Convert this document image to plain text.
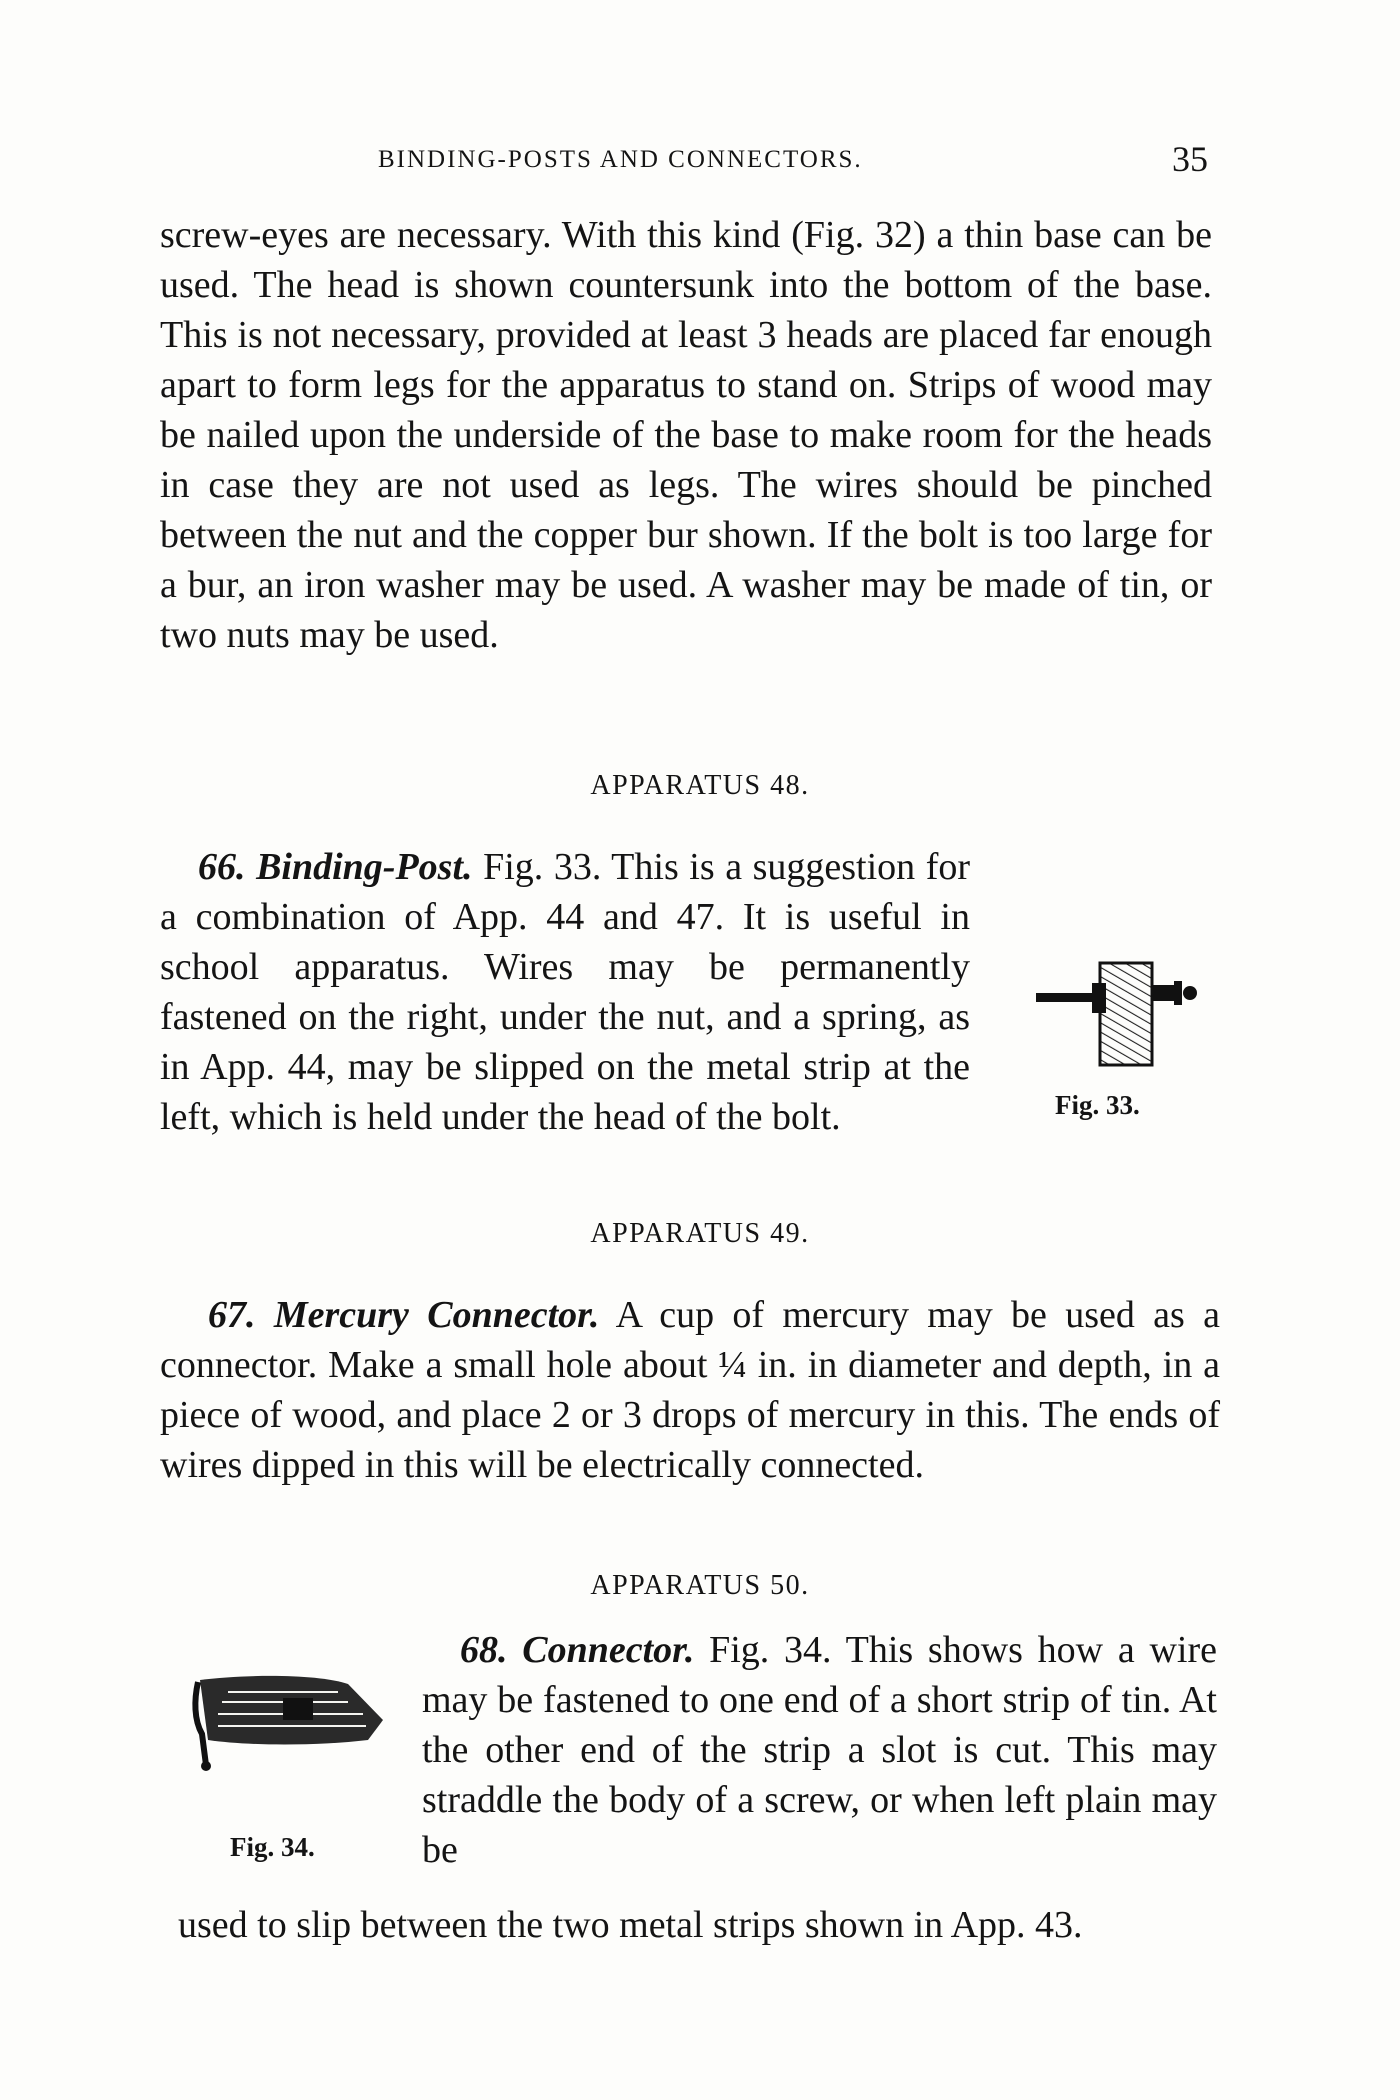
BINDING-POSTS AND CONNECTORS.	35

screw-eyes are necessary. With this kind (Fig. 32) a thin base can be used. The head is shown countersunk into the bottom of the base. This is not necessary, provided at least 3 heads are placed far enough apart to form legs for the apparatus to stand on. Strips of wood may be nailed upon the underside of the base to make room for the heads in case they are not used as legs. The wires should be pinched between the nut and the copper bur shown. If the bolt is too large for a bur, an iron washer may be used. A washer may be made of tin, or two nuts may be used.

APPARATUS 48.

66. Binding-Post. Fig. 33. This is a suggestion for a combination of App. 44 and 47. It is useful in school apparatus. Wires may be permanently fastened on the right, under the nut, and a spring, as in App. 44, may be slipped on the metal strip at the left, which is held under the head of the bolt.	Fig. 33.
APPARATUS 49.

67. Mercury Connector. A cup of mercury may be used as a connector. Make a small hole about ¼ in. in diameter and depth, in a piece of wood, and place 2 or 3 drops of mercury in this. The ends of wires dipped in this will be electrically connected.

APPARATUS 50.
Fig. 34.

68. Connector. Fig. 34. This shows how a wire may be fastened to one end of a short strip of tin. At the other end of the strip a slot is cut. This may straddle the body of a screw, or when left plain may be

used to slip between the two metal strips shown in App. 43.
